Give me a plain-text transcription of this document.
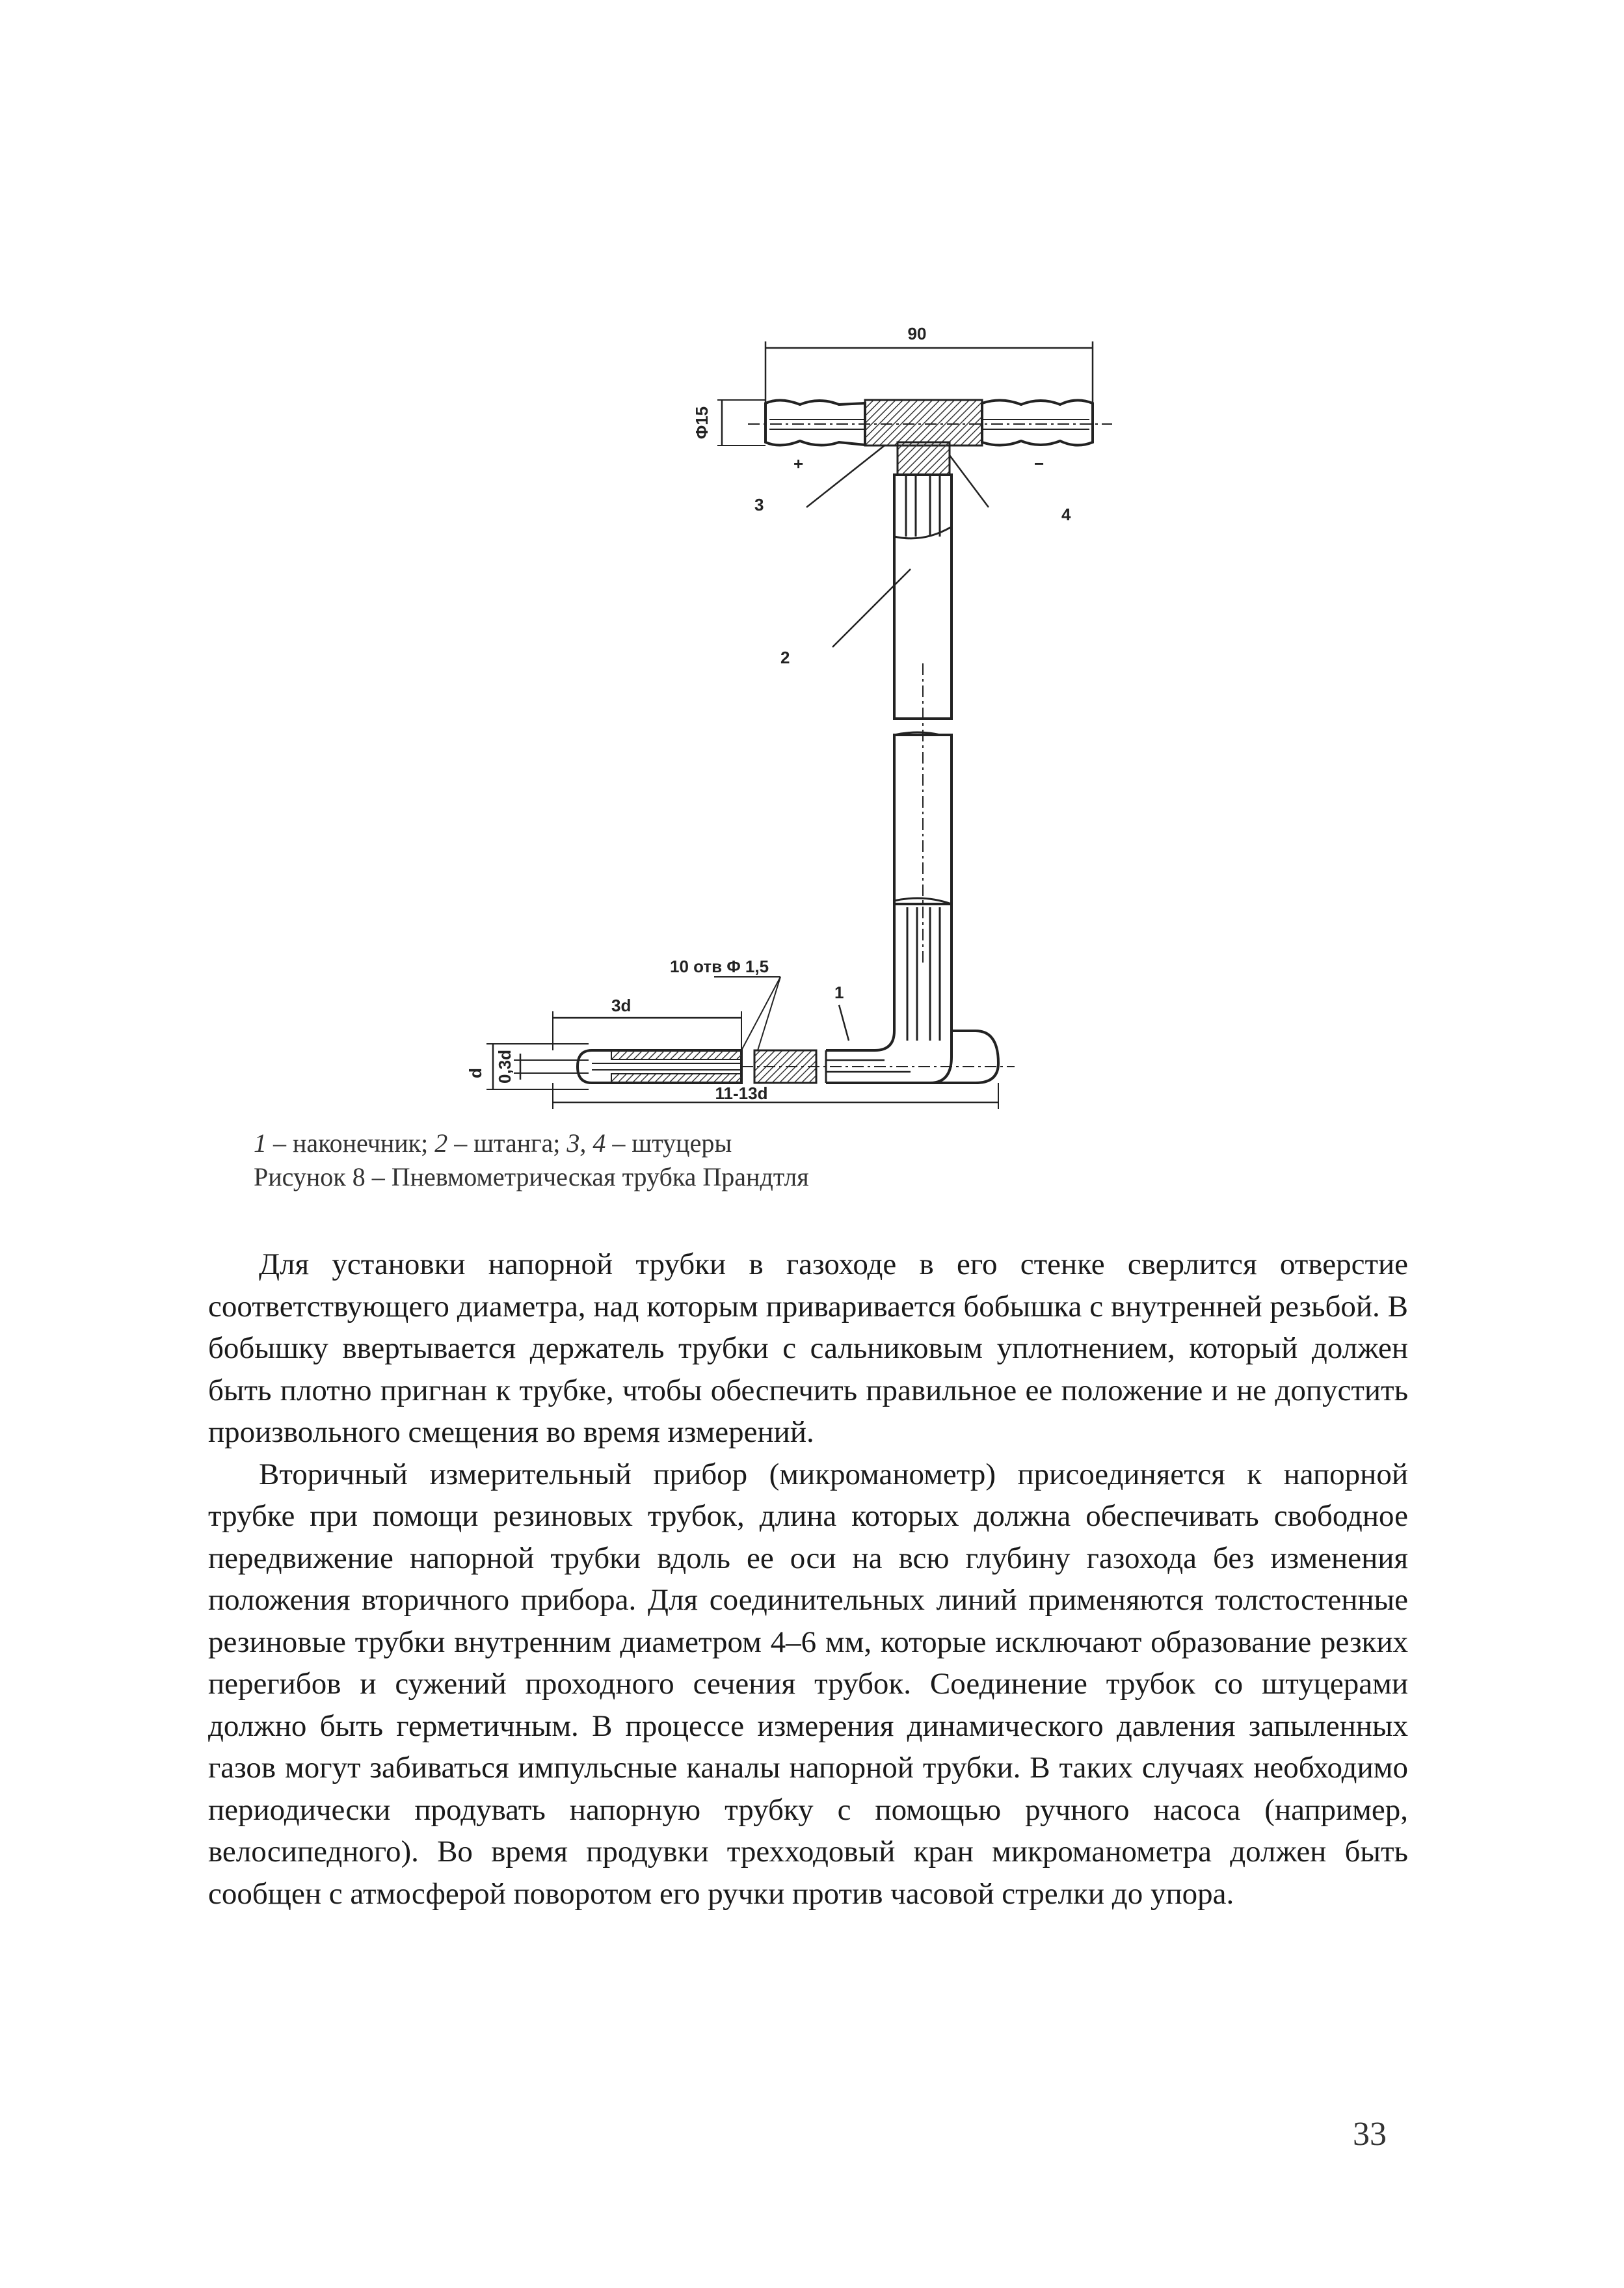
90
Φ15
+	−
3	4
2
1
10 отв Φ 1,5
3d
d 0,3d
11-13d
1 – наконечник; 2 – штанга; 3, 4 – штуцеры
Рисунок 8 – Пневмометрическая трубка Прандтля

Для установки напорной трубки в газоходе в его стенке сверлится отверстие соответствующего диаметра, над которым приваривается бобышка с внутренней резьбой. В бобышку ввертывается держатель трубки с сальниковым уплотнением, который должен быть плотно пригнан к трубке, чтобы обеспечить правильное ее положение и не допустить произвольного смещения во время измерений.

Вторичный измерительный прибор (микроманометр) присоединяется к напорной трубке при помощи резиновых трубок, длина которых должна обеспечивать свободное передвижение напорной трубки вдоль ее оси на всю глубину газохода без изменения положения вторичного прибора. Для соединительных линий применяются толстостенные резиновые трубки внутренним диаметром 4–6 мм, которые исключают образование резких перегибов и сужений проходного сечения трубок. Соединение трубок со штуцерами должно быть герметичным. В процессе измерения динамического давления запыленных газов могут забиваться импульсные каналы напорной трубки. В таких случаях необходимо периодически продувать напорную трубку с помощью ручного насоса (например, велосипедного). Во время продувки трехходовый кран микроманометра должен быть сообщен с атмосферой поворотом его ручки против часовой стрелки до упора.

33
